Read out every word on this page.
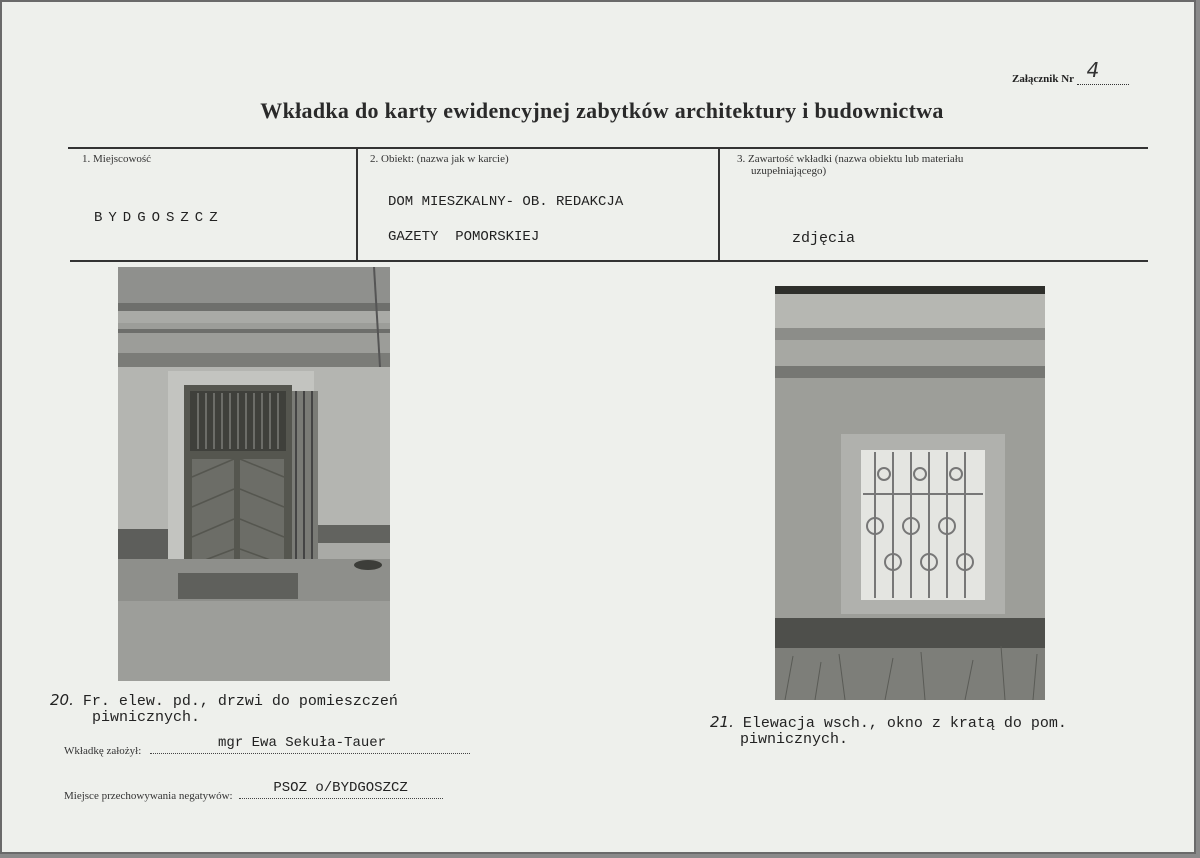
Załącznik Nr 4
Wkładka do karty ewidencyjnej zabytków architektury i budownictwa
1. Miejscowość
BYDGOSZCZ
2. Obiekt: (nazwa jak w karcie)
DOM MIESZKALNY- OB. REDAKCJA
GAZETY  POMORSKIEJ
3. Zawartość wkładki (nazwa obiektu lub materiału
uzupełniającego)
zdjęcia
20. Fr. elew. pd., drzwi do pomieszczeń
piwnicznych.	21. Elewacja wsch., okno z kratą do pom.
piwnicznych.
Wkładkę założył:	mgr Ewa Sekuła-Tauer
Miejsce przechowywania negatywów:	PSOZ o/BYDGOSZCZ
